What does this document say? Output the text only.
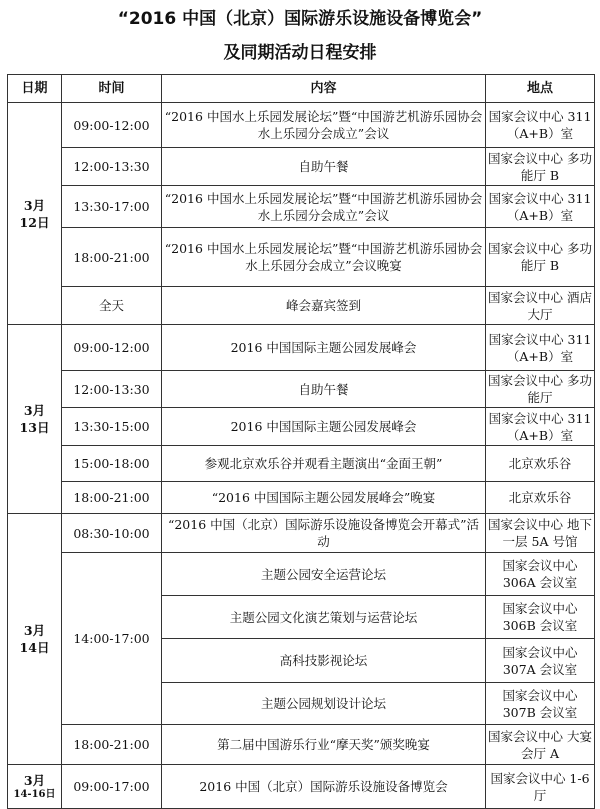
“2016 中国（北京）国际游乐设施设备博览会”
及同期活动日程安排
日期	时间	内容	地点

3月
12日	09:00-12:00	“2016 中国水上乐园发展论坛”暨“中国游艺机游乐园协会水上乐园分会成立”会议	国家会议中心 311（A+B）室
	12:00-13:30	自助午餐	国家会议中心 多功能厅 B
	13:30-17:00	“2016 中国水上乐园发展论坛”暨“中国游艺机游乐园协会水上乐园分会成立”会议	国家会议中心 311（A+B）室
	18:00-21:00	“2016 中国水上乐园发展论坛”暨“中国游艺机游乐园协会水上乐园分会成立”会议晚宴	国家会议中心 多功能厅 B
	全天	峰会嘉宾签到	国家会议中心 酒店大厅

3月
13日	09:00-12:00	2016 中国国际主题公园发展峰会	国家会议中心 311（A+B）室
	12:00-13:30	自助午餐	国家会议中心 多功能厅
	13:30-15:00	2016 中国国际主题公园发展峰会	国家会议中心 311（A+B）室
	15:00-18:00	参观北京欢乐谷并观看主题演出“金面王朝”	北京欢乐谷
	18:00-21:00	“2016 中国国际主题公园发展峰会”晚宴	北京欢乐谷

3月
14日	08:30-10:00	“2016 中国（北京）国际游乐设施设备博览会开幕式”活动	国家会议中心 地下一层 5A 号馆
	14:00-17:00	主题公园安全运营论坛	国家会议中心 306A 会议室
		主题公园文化演艺策划与运营论坛	国家会议中心 306B 会议室
		高科技影视论坛	国家会议中心 307A 会议室
		主题公园规划设计论坛	国家会议中心 307B 会议室
	18:00-21:00	第二届中国游乐行业“摩天奖”颁奖晚宴	国家会议中心 大宴会厅 A

3月
14-16日	09:00-17:00	2016 中国（北京）国际游乐设施设备博览会	国家会议中心 1-6 厅
